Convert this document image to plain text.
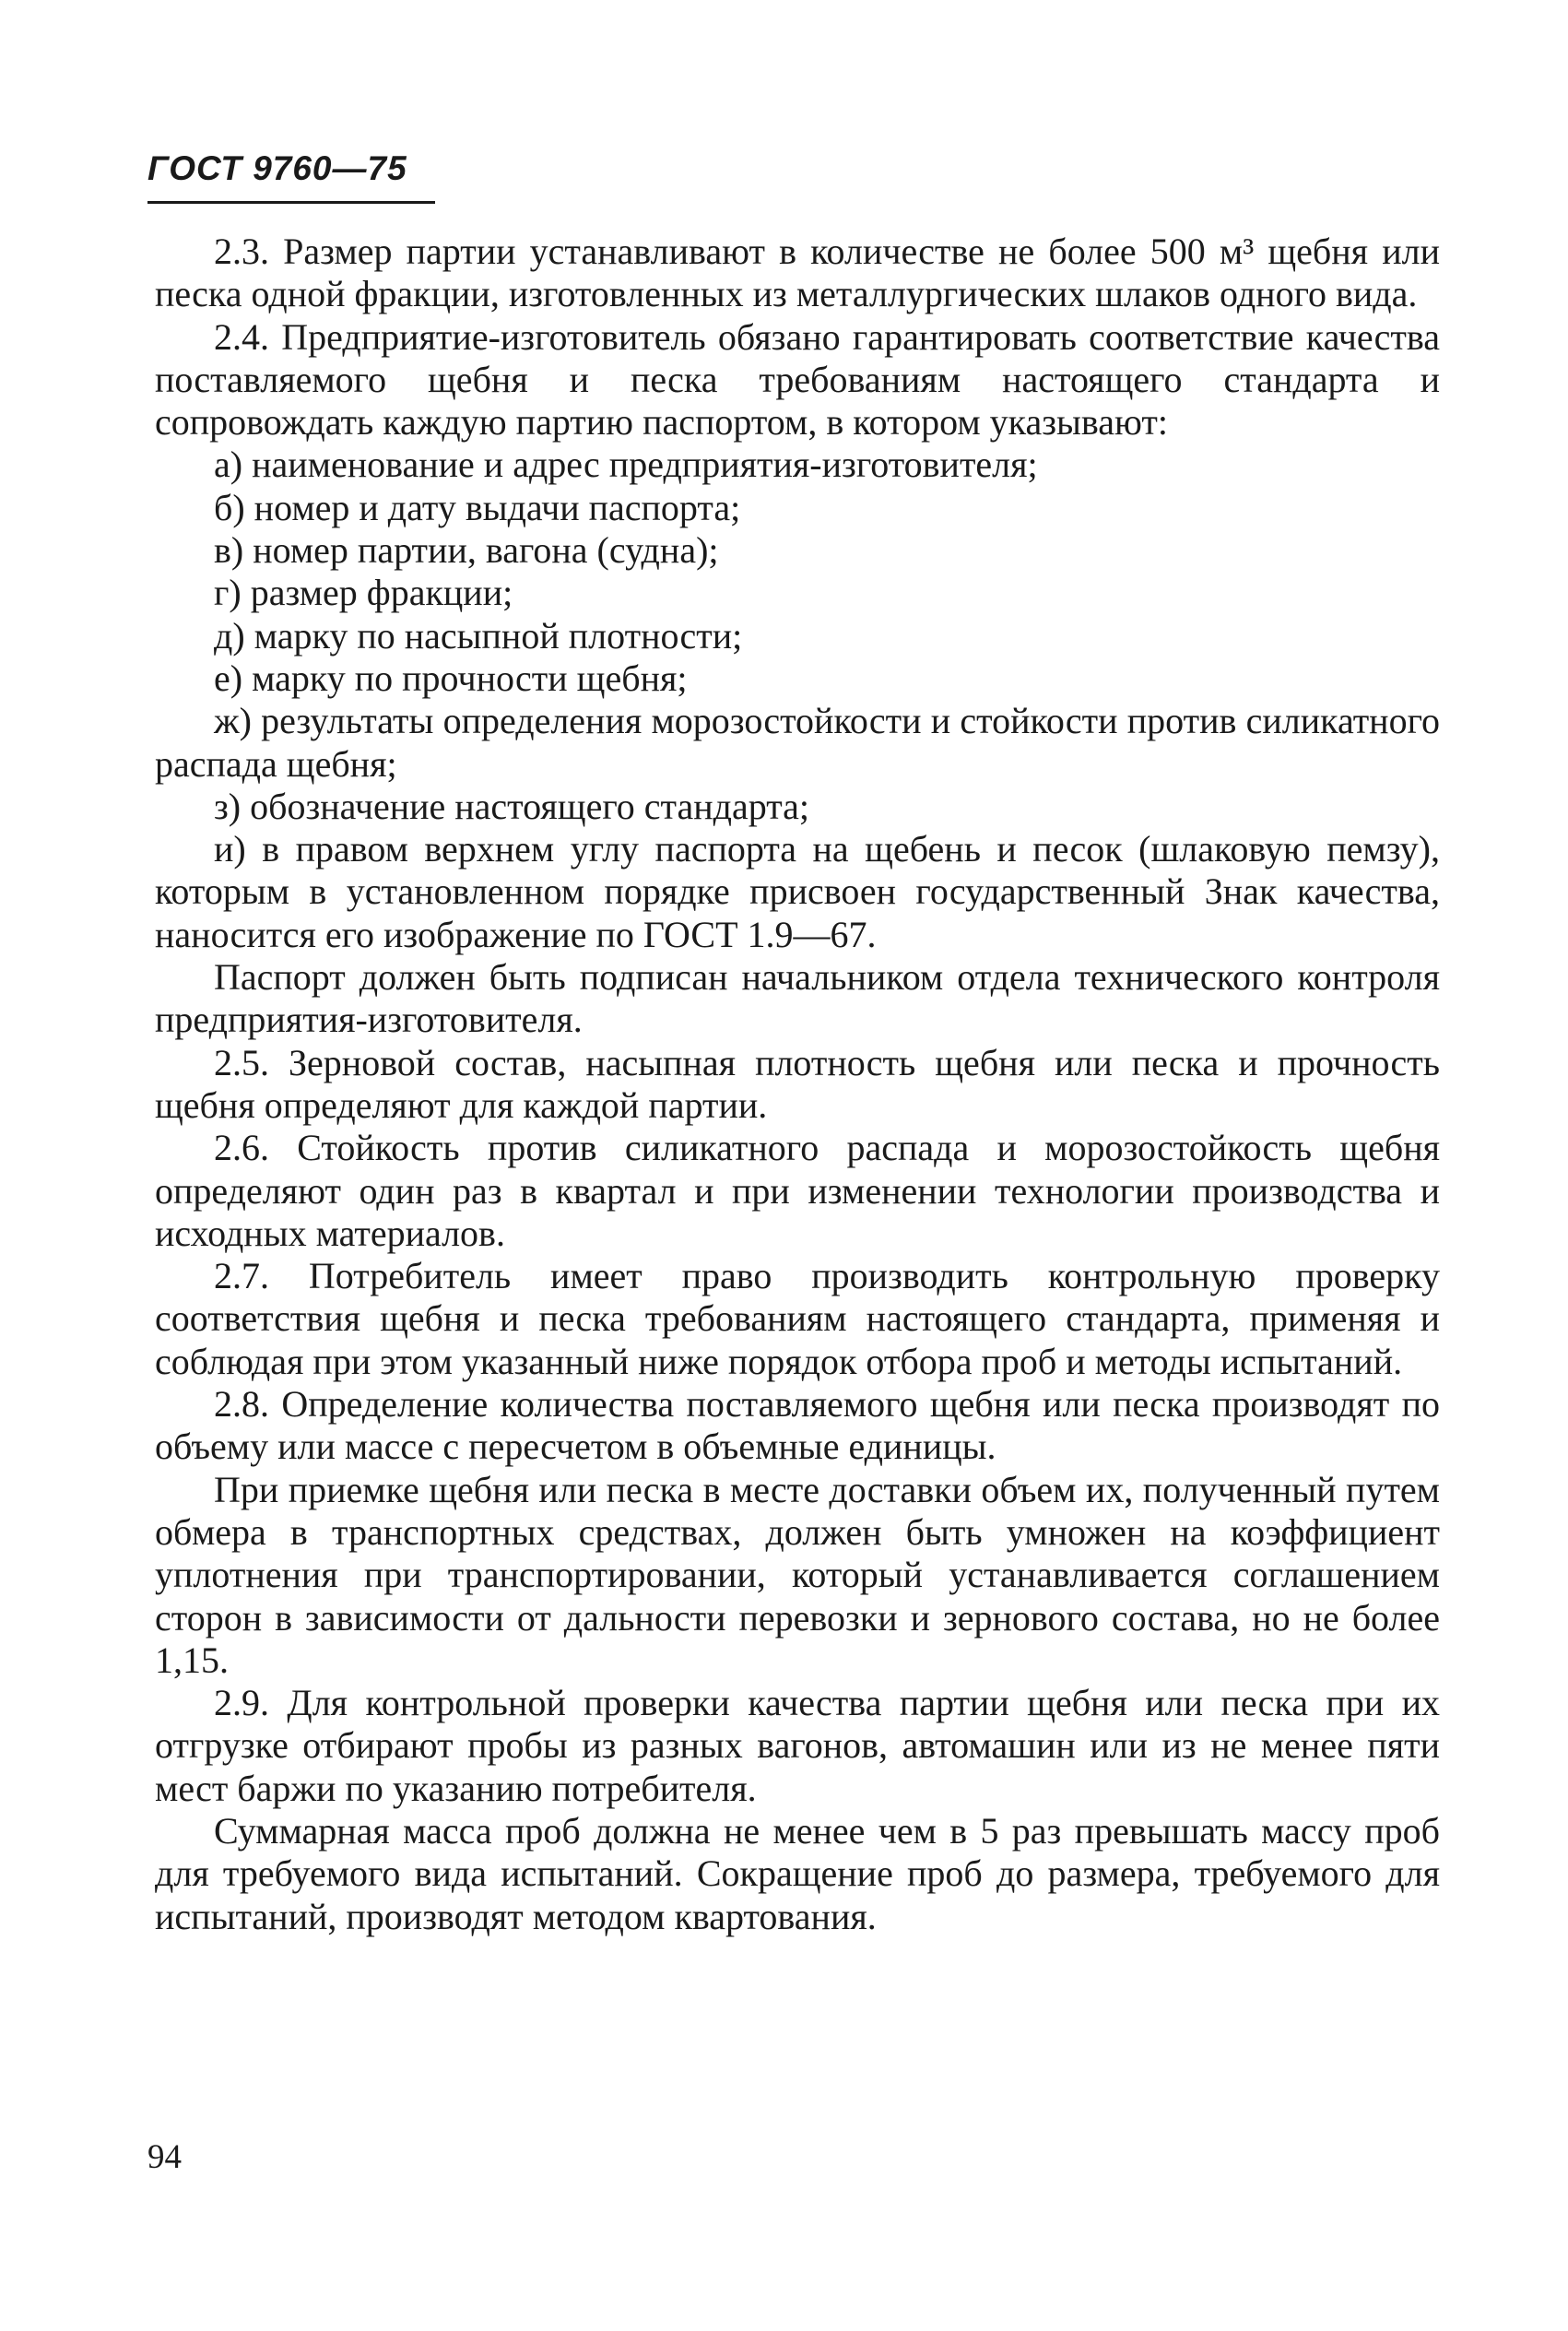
ГОСТ 9760—75

2.3. Размер партии устанавливают в количестве не более 500 м³ щебня или песка одной фракции, изготовленных из металлургических шлаков одного вида.

2.4. Предприятие-изготовитель обязано гарантировать соответствие качества поставляемого щебня и песка требованиям настоящего стандарта и сопровождать каждую партию паспортом, в котором указывают:

а) наименование и адрес предприятия-изготовителя;

б) номер и дату выдачи паспорта;

в) номер партии, вагона (судна);

г) размер фракции;

д) марку по насыпной плотности;

е) марку по прочности щебня;

ж) результаты определения морозостойкости и стойкости против силикатного распада щебня;

з) обозначение настоящего стандарта;

и) в правом верхнем углу паспорта на щебень и песок (шлаковую пемзу), которым в установленном порядке присвоен государственный Знак качества, наносится его изображение по ГОСТ 1.9—67.

Паспорт должен быть подписан начальником отдела технического контроля предприятия-изготовителя.

2.5. Зерновой состав, насыпная плотность щебня или песка и прочность щебня определяют для каждой партии.

2.6. Стойкость против силикатного распада и морозостойкость щебня определяют один раз в квартал и при изменении технологии производства и исходных материалов.

2.7. Потребитель имеет право производить контрольную проверку соответствия щебня и песка требованиям настоящего стандарта, применяя и соблюдая при этом указанный ниже порядок отбора проб и методы испытаний.

2.8. Определение количества поставляемого щебня или песка производят по объему или массе с пересчетом в объемные единицы.

При приемке щебня или песка в месте доставки объем их, полученный путем обмера в транспортных средствах, должен быть умножен на коэффициент уплотнения при транспортировании, который устанавливается соглашением сторон в зависимости от дальности перевозки и зернового состава, но не более 1,15.

2.9. Для контрольной проверки качества партии щебня или песка при их отгрузке отбирают пробы из разных вагонов, автомашин или из не менее пяти мест баржи по указанию потребителя.

Суммарная масса проб должна не менее чем в 5 раз превышать массу проб для требуемого вида испытаний. Сокращение проб до размера, требуемого для испытаний, производят методом квартования.

94
